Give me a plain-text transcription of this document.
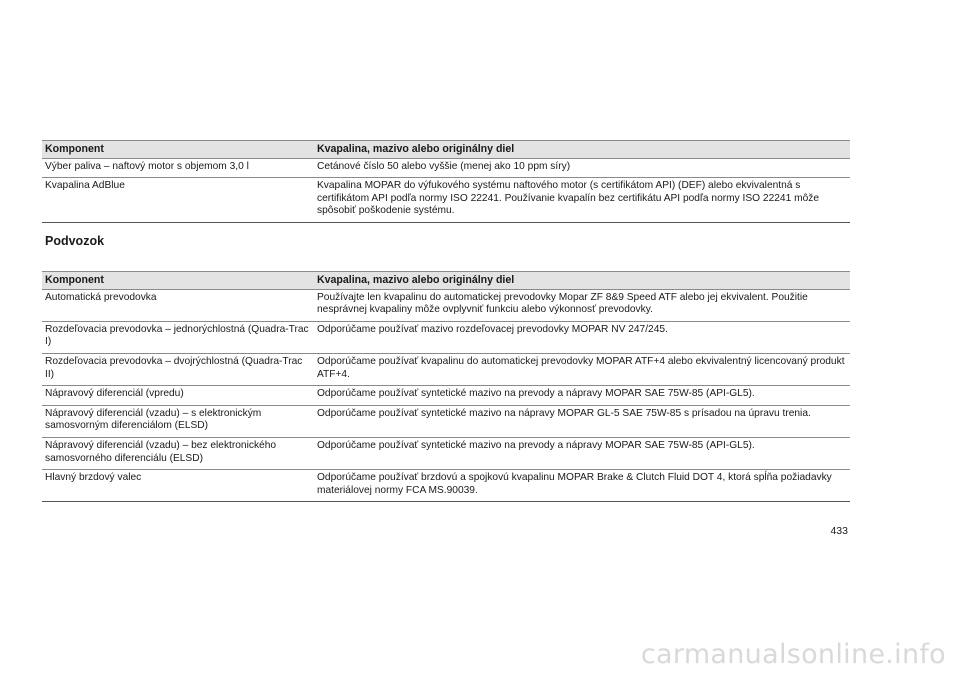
Komponent	Kvapalina, mazivo alebo originálny diel
Výber paliva – naftový motor s objemom 3,0 l	Cetánové číslo 50 alebo vyššie (menej ako 10 ppm síry)
Kvapalina AdBlue	Kvapalina MOPAR do výfukového systému naftového motor (s certifikátom API) (DEF) alebo ekvivalentná s certifikátom API podľa normy ISO 22241. Používanie kvapalín bez certifikátu API podľa normy ISO 22241 môže spôsobiť poškodenie systému.
Podvozok
Komponent	Kvapalina, mazivo alebo originálny diel
Automatická prevodovka	Používajte len kvapalinu do automatickej prevodovky Mopar ZF 8&9 Speed ATF alebo jej ekvivalent. Použitie nesprávnej kvapaliny môže ovplyvniť funkciu alebo výkonnosť prevodovky.
Rozdeľovacia prevodovka – jednorýchlostná (Quadra-Trac I)	Odporúčame používať mazivo rozdeľovacej prevodovky MOPAR NV 247/245.
Rozdeľovacia prevodovka – dvojrýchlostná (Quadra-Trac II)	Odporúčame používať kvapalinu do automatickej prevodovky MOPAR ATF+4 alebo ekvivalentný licencovaný produkt ATF+4.
Nápravový diferenciál (vpredu)	Odporúčame používať syntetické mazivo na prevody a nápravy MOPAR SAE 75W-85 (API-GL5).
Nápravový diferenciál (vzadu) – s elektronickým samosvorným diferenciálom (ELSD)	Odporúčame používať syntetické mazivo na nápravy MOPAR GL-5 SAE 75W-85 s prísadou na úpravu trenia.
Nápravový diferenciál (vzadu) – bez elektronického samosvorného diferenciálu (ELSD)	Odporúčame používať syntetické mazivo na prevody a nápravy MOPAR SAE 75W-85 (API-GL5).
Hlavný brzdový valec	Odporúčame používať brzdovú a spojkovú kvapalinu MOPAR Brake & Clutch Fluid DOT 4, ktorá spĺňa požiadavky materiálovej normy FCA MS.90039.
433
carmanualsonline.info
